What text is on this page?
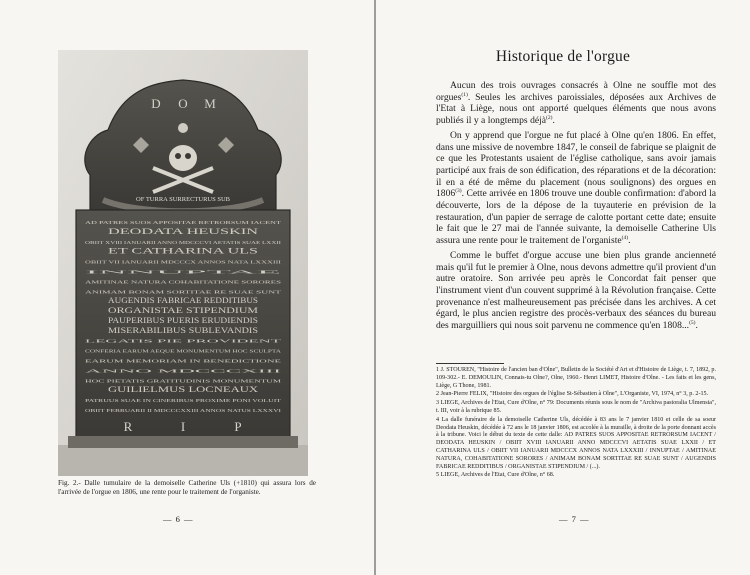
D O M
R	I	P
AD PATRES SUOS APPOSITAE RETRORSUM IACENT
DEODATA HEUSKIN
OBIIT XVIII IANUARII ANNO MDCCCVI AETATIS SUAE LXXII
ET CATHARINA ULS
OBIIT VII IANUARII MDCCCX ANNOS NATA LXXXIII
INNUPTAE
AMITINAE NATURA COHABITATIONE SORORES
ANIMAM BONAM SORTITAE RE SUAE SUNT
AUGENDIS FABRICAE REDDITIBUS
ORGANISTAE STIPENDIUM
PAUPERIBUS PUERIS ERUDIENDIS
MISERABILIBUS SUBLEVANDIS
LEGATIS PIE PROVIDENT
CONFERIA EARUM AEQUE MONUMENTUM HOC SCULPTA
EARUM MEMORIAM IN BENEDICTIONE
ANNO MDCCCXIII
HOC PIETATIS GRATITUDINIS MONUMENTUM
GUILIELMUS LOCNEAUX
PATRUUS SUAE IN CINERIBUS PROXIME PONI VOLUIT
OBIIT FEBRUARII II MDCCCXXIII ANNOS NATUS LXXXVI
OF TURRA SURRECTURUS SUB
Fig. 2.- Dalle tumulaire de la demoiselle Catherine Uls (+1810) qui assura lors de l'arrivée de l'orgue en 1806, une rente pour le traitement de l'organiste.
— 6 —
Historique de l'orgue

Aucun des trois ouvrages consacrés à Olne ne souffle mot des orgues$^{(1)}$. Seules les archives paroissiales, déposées aux Archives de l'Etat à Liège, nous ont apporté quelques éléments que nous avons publiés il y a longtemps déjà$^{(2)}$.

On y apprend que l'orgue ne fut placé à Olne qu'en 1806. En effet, dans une missive de novembre 1847, le conseil de fabrique se plaignit de ce que les Protestants usaient de l'église catholique, sans avoir jamais participé aux frais de son édification, des réparations et de la décoration: il en a été de même du placement (nous soulignons) des orgues en 1806$^{(3)}$. Cette arrivée en 1806 trouve une double confirmation: d'abord la découverte, lors de la dépose de la tuyauterie en prévision de la restauration, d'un papier de serrage de calotte portant cette date; ensuite le fait que le 27 mai de l'année suivante, la demoiselle Catherine Uls assura une rente pour le traitement de l'organiste$^{(4)}$.

Comme le buffet d'orgue accuse une bien plus grande ancienneté mais qu'il fut le premier à Olne, nous devons admettre qu'il provient d'un autre oratoire. Son arrivée peu après le Concordat fait penser que l'instrument vient d'un couvent supprimé à la Révolution française. Cette provenance n'est malheureusement pas précisée dans les archives. A cet égard, le plus ancien registre des procès-verbaux des séances du bureau des marguilliers qui nous soit parvenu ne commence qu'en 1808...$^{(5)}$.

1 J. STOUREN, "Histoire de l'ancien ban d'Olne", Bulletin de la Société d'Art et d'Histoire de Liège, t. 7, 1892, p. 109-302.- E. DEMOULIN, Connais-tu Olne?, Olne, 1960.- Henri LIMET, Histoire d'Olne. - Les faits et les gens, Liège, G Thone, 1981.

2 Jean-Pierre FELIX, "Histoire des orgues de l'église St-Sébastien à Olne", L'Organiste, VI, 1974, n° 3, p. 2-15.

3 LIEGE, Archives de l'Etat, Cure d'Olne, n° 79: Documents réunis sous le nom de "Archiva pastoralia Ulmensia", t. III, voir à la rubrique 85.

4 La dalle funéraire de la demoiselle Catherine Uls, décédée à 83 ans le 7 janvier 1810 et celle de sa soeur Deodata Heuskin, décédée à 72 ans le 18 janvier 1806, est accolée à la muraille, à droite de la porte donnant accès à la tribune. Voici le début du texte de cette dalle: AD PATRES SUOS APPOSITAE RETRORSUM IACENT / DEODATA HEUSKIN / OBIIT XVIII IANUARII ANNO MDCCCVI AETATIS SUAE LXXII / ET CATHARINA ULS / OBIIT VII IANUARII MDCCCX ANNOS NATA LXXXIII / INNUPTAE / AMITINAE NATURA, COHABITATIONE SORORES / ANIMAM BONAM SORTITAE RE SUAE SUNT / AUGENDIS FABRICAE REDDITIBUS / ORGANISTAE STIPENDIUM / (...).

5 LIEGE, Archives de l'Etat, Cure d'Olne, n° 68.

— 7 —
